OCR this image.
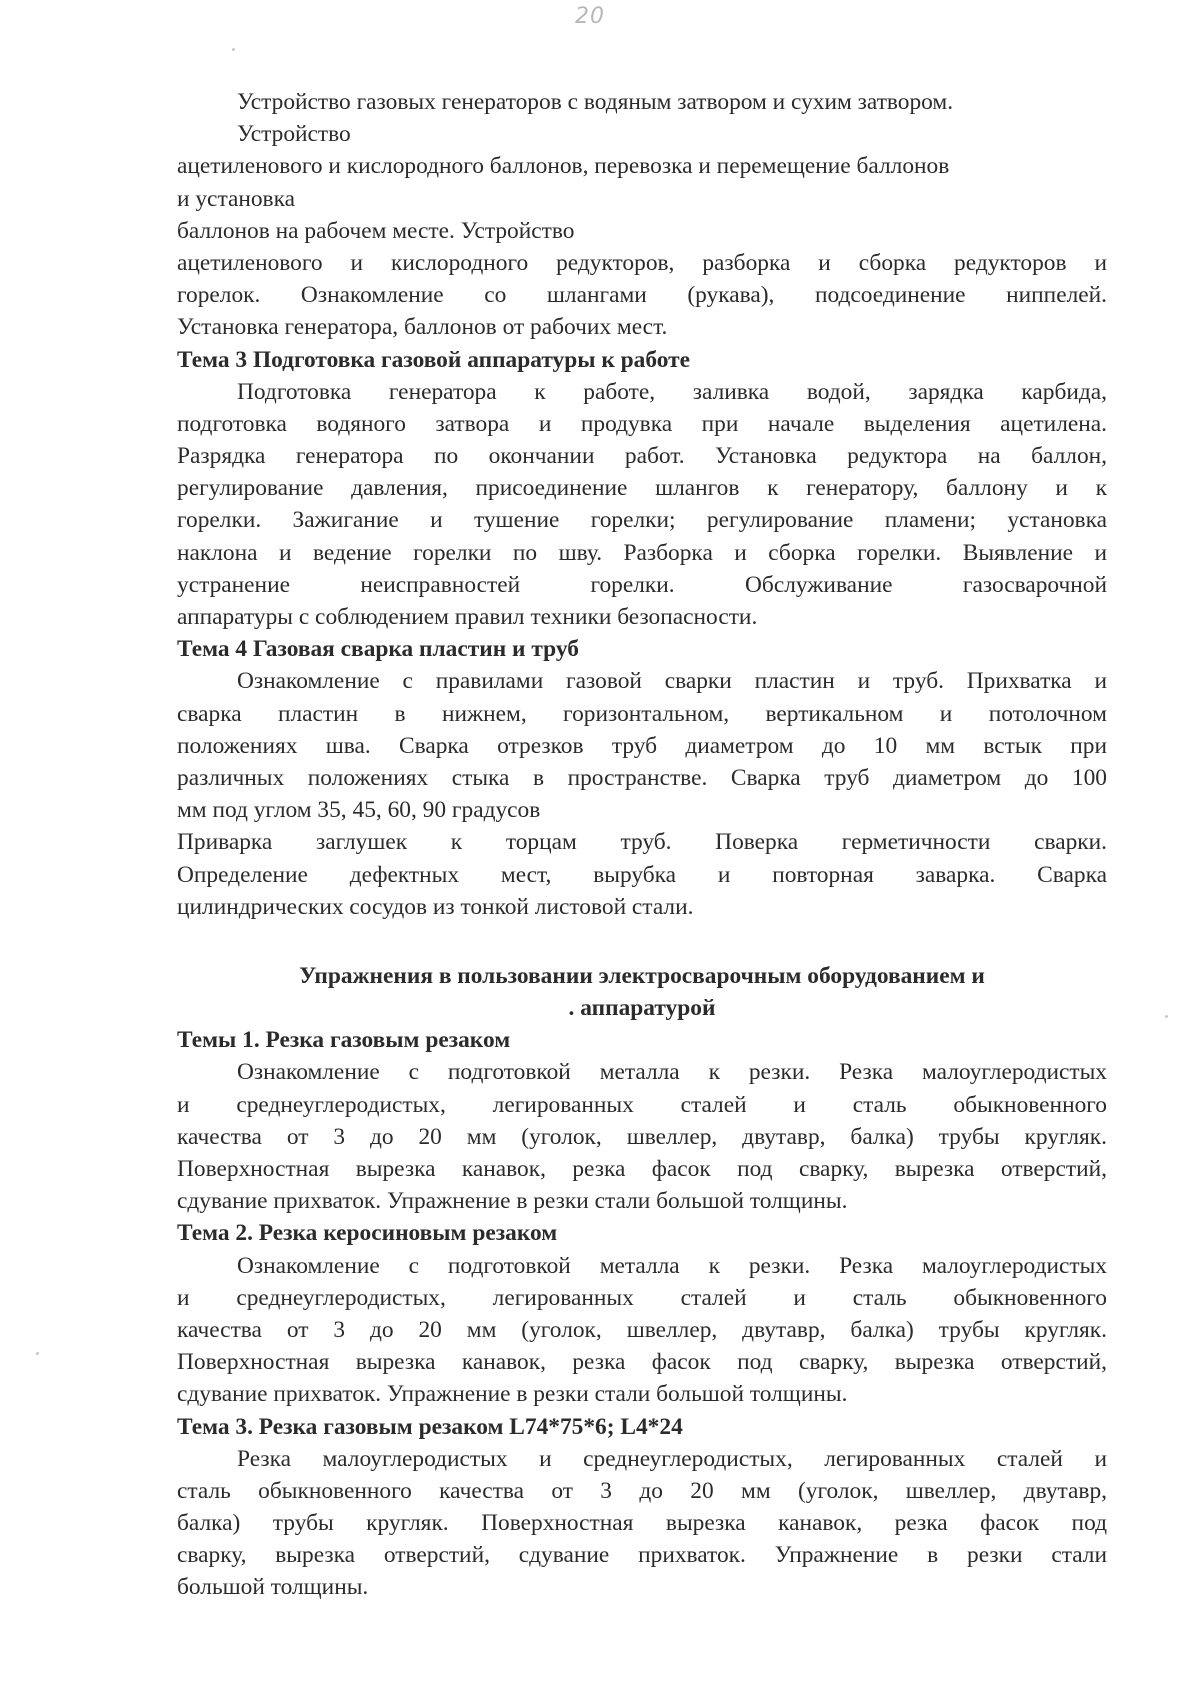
20
Устройство газовых генераторов с водяным затвором и сухим затвором.
Устройство
ацетиленового и кислородного баллонов, перевозка и перемещение баллонов
и установка
баллонов на рабочем месте. Устройство
ацетиленового и кислородного редукторов, разборка и сборка редукторов и
горелок. Ознакомление со шлангами (рукава), подсоединение ниппелей.
Установка генератора, баллонов от рабочих мест.
Тема 3 Подготовка газовой аппаратуры к работе
Подготовка генератора к работе, заливка водой, зарядка карбида,
подготовка водяного затвора и продувка при начале выделения ацетилена.
Разрядка генератора по окончании работ. Установка редуктора на баллон,
регулирование давления, присоединение шлангов к генератору, баллону и к
горелки. Зажигание и тушение горелки; регулирование пламени; установка
наклона и ведение горелки по шву. Разборка и сборка горелки. Выявление и
устранение неисправностей горелки. Обслуживание газосварочной
аппаратуры с соблюдением правил техники безопасности.
Тема 4 Газовая сварка пластин и труб
Ознакомление с правилами газовой сварки пластин и труб. Прихватка и
сварка пластин в нижнем, горизонтальном, вертикальном и потолочном
положениях шва. Сварка отрезков труб диаметром до 10 мм встык при
различных положениях стыка в пространстве. Сварка труб диаметром до 100
мм под углом 35, 45, 60, 90 градусов
Приварка заглушек к торцам труб. Поверка герметичности сварки.
Определение дефектных мест, вырубка и повторная заварка. Сварка
цилиндрических сосудов из тонкой листовой стали.
Упражнения в пользовании электросварочным оборудованием и
. аппаратурой
Темы 1. Резка газовым резаком
Ознакомление с подготовкой металла к резки. Резка малоуглеродистых
и среднеуглеродистых, легированных сталей и сталь обыкновенного
качества от 3 до 20 мм (уголок, швеллер, двутавр, балка) трубы кругляк.
Поверхностная вырезка канавок, резка фасок под сварку, вырезка отверстий,
сдувание прихваток. Упражнение в резки стали большой толщины.
Тема 2. Резка керосиновым резаком
Ознакомление с подготовкой металла к резки. Резка малоуглеродистых
и среднеуглеродистых, легированных сталей и сталь обыкновенного
качества от 3 до 20 мм (уголок, швеллер, двутавр, балка) трубы кругляк.
Поверхностная вырезка канавок, резка фасок под сварку, вырезка отверстий,
сдувание прихваток. Упражнение в резки стали большой толщины.
Тема 3. Резка газовым резаком L74*75*6; L4*24
Резка малоуглеродистых и среднеуглеродистых, легированных сталей и
сталь обыкновенного качества от 3 до 20 мм (уголок, швеллер, двутавр,
балка) трубы кругляк. Поверхностная вырезка канавок, резка фасок под
сварку, вырезка отверстий, сдувание прихваток. Упражнение в резки стали
большой толщины.
